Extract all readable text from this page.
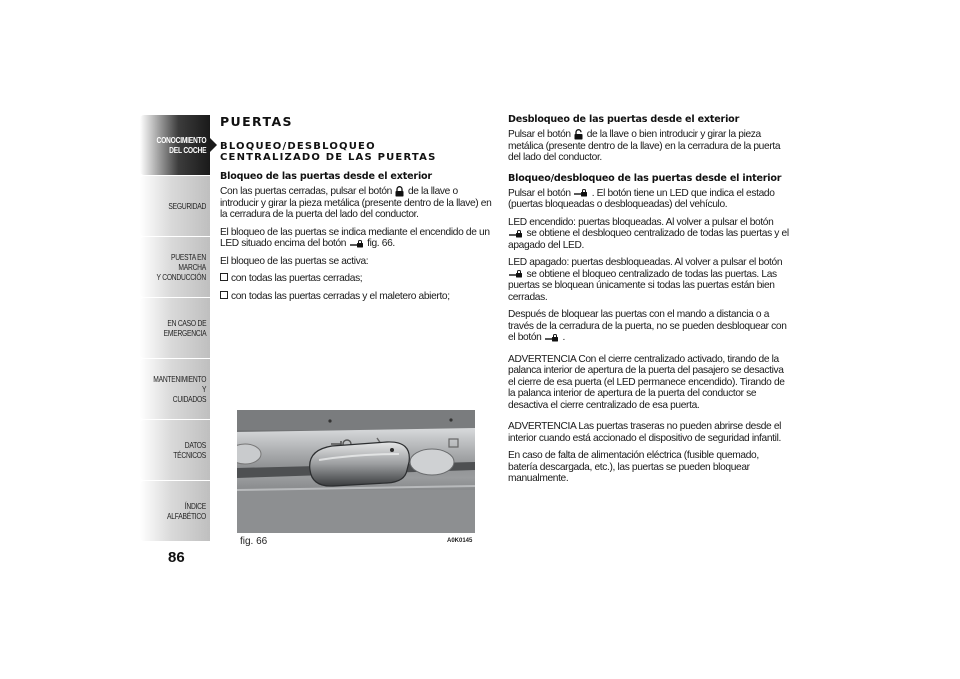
CONOCIMIENTO
DEL COCHE
SEGURIDAD
PUESTA EN MARCHA
Y CONDUCCIÓN
EN CASO DE
EMERGENCIA
MANTENIMIENTO Y
CUIDADOS
DATOS TÉCNICOS
ÍNDICE ALFABÉTICO
86
PUERTAS
BLOQUEO/DESBLOQUEO
CENTRALIZADO DE LAS PUERTAS
Bloqueo de las puertas desde el exterior

Con las puertas cerradas, pulsar el botón de la llave o introducir y girar la pieza metálica (presente dentro de la llave) en la cerradura de la puerta del lado del conductor.

El bloqueo de las puertas se indica mediante el encendido de un LED situado encima del botón fig. 66.

El bloqueo de las puertas se activa:

con todas las puertas cerradas;

con todas las puertas cerradas y el maletero abierto;

fig. 66	A0K0145
Desbloqueo de las puertas desde el exterior

Pulsar el botón de la llave o bien introducir y girar la pieza metálica (presente dentro de la llave) en la cerradura de la puerta del lado del conductor.

Bloqueo/desbloqueo de las puertas desde el interior

Pulsar el botón . El botón tiene un LED que indica el estado (puertas bloqueadas o desbloqueadas) del vehículo.

LED encendido: puertas bloqueadas. Al volver a pulsar el botón  se obtiene el desbloqueo centralizado de todas las puertas y el apagado del LED.

LED apagado: puertas desbloqueadas. Al volver a pulsar el botón  se obtiene el bloqueo centralizado de todas las puertas. Las puertas se bloquean únicamente si todas las puertas están bien cerradas.

Después de bloquear las puertas con el mando a distancia o a través de la cerradura de la puerta, no se pueden desbloquear con el botón .

ADVERTENCIA Con el cierre centralizado activado, tirando de la palanca interior de apertura de la puerta del pasajero se desactiva el cierre de esa puerta (el LED permanece encendido). Tirando de la palanca interior de apertura de la puerta del conductor se desactiva el cierre centralizado de esa puerta.

ADVERTENCIA Las puertas traseras no pueden abrirse desde el interior cuando está accionado el dispositivo de seguridad infantil.

En caso de falta de alimentación eléctrica (fusible quemado, batería descargada, etc.), las puertas se pueden bloquear manualmente.
